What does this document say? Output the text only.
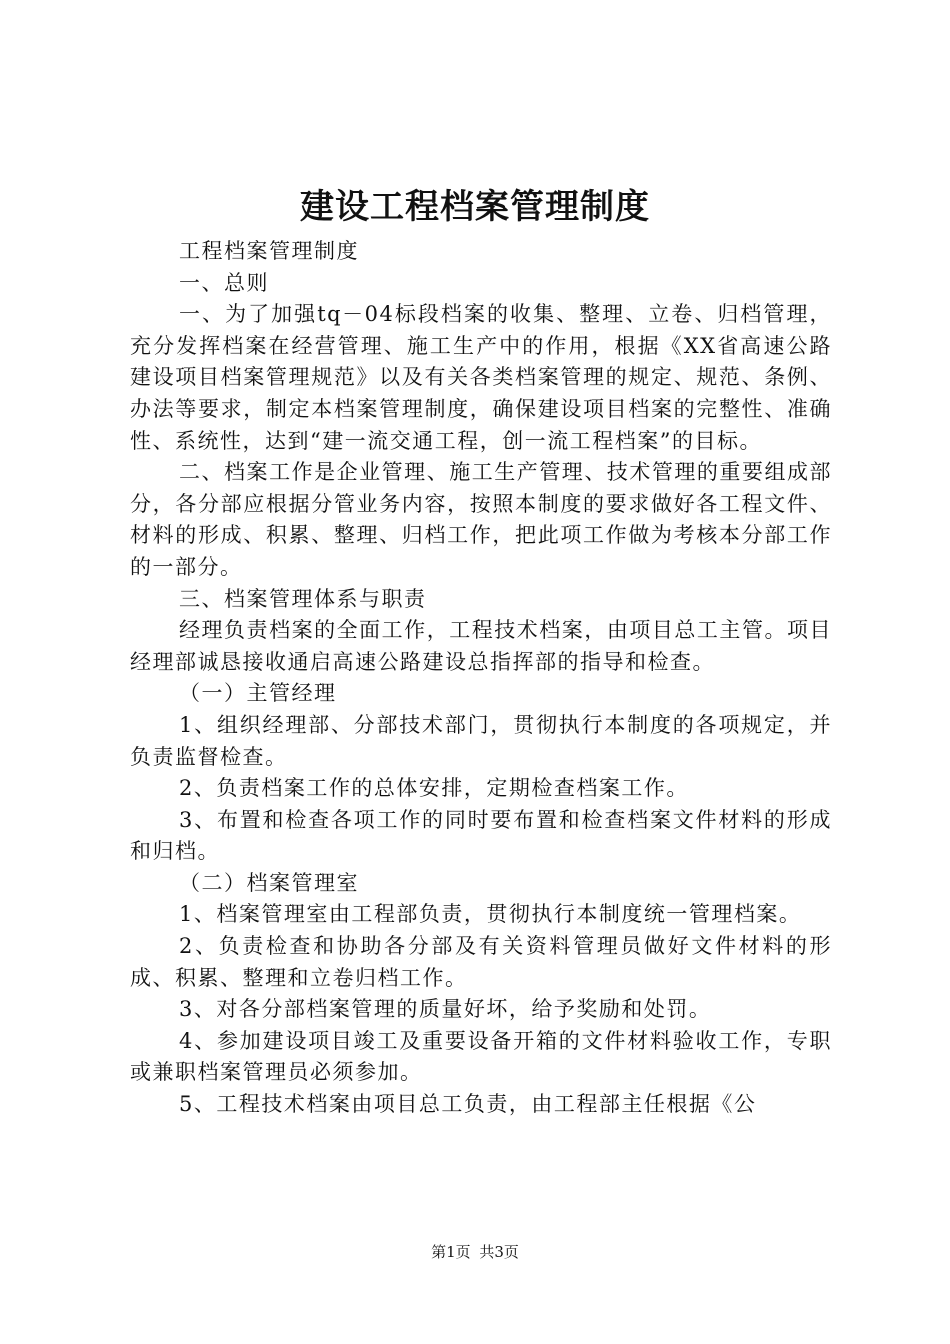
建设工程档案管理制度

工程档案管理制度

一、总则

一、为了加强tq－04标段档案的收集、整理、立卷、归档管理，充分发挥档案在经营管理、施工生产中的作用，根据《XX省高速公路建设项目档案管理规范》以及有关各类档案管理的规定、规范、条例、办法等要求，制定本档案管理制度，确保建设项目档案的完整性、准确性、系统性，达到“建一流交通工程，创一流工程档案”的目标。

二、档案工作是企业管理、施工生产管理、技术管理的重要组成部分，各分部应根据分管业务内容，按照本制度的要求做好各工程文件、材料的形成、积累、整理、归档工作，把此项工作做为考核本分部工作的一部分。

三、档案管理体系与职责

经理负责档案的全面工作，工程技术档案，由项目总工主管。项目经理部诚恳接收通启高速公路建设总指挥部的指导和检查。

（一）主管经理

1、组织经理部、分部技术部门，贯彻执行本制度的各项规定，并负责监督检查。

2、负责档案工作的总体安排，定期检查档案工作。

3、布置和检查各项工作的同时要布置和检查档案文件材料的形成和归档。

（二）档案管理室

1、档案管理室由工程部负责，贯彻执行本制度统一管理档案。

2、负责检查和协助各分部及有关资料管理员做好文件材料的形成、积累、整理和立卷归档工作。

3、对各分部档案管理的质量好坏，给予奖励和处罚。

4、参加建设项目竣工及重要设备开箱的文件材料验收工作，专职或兼职档案管理员必须参加。

5、工程技术档案由项目总工负责，由工程部主任根据《公

第1页 共3页
